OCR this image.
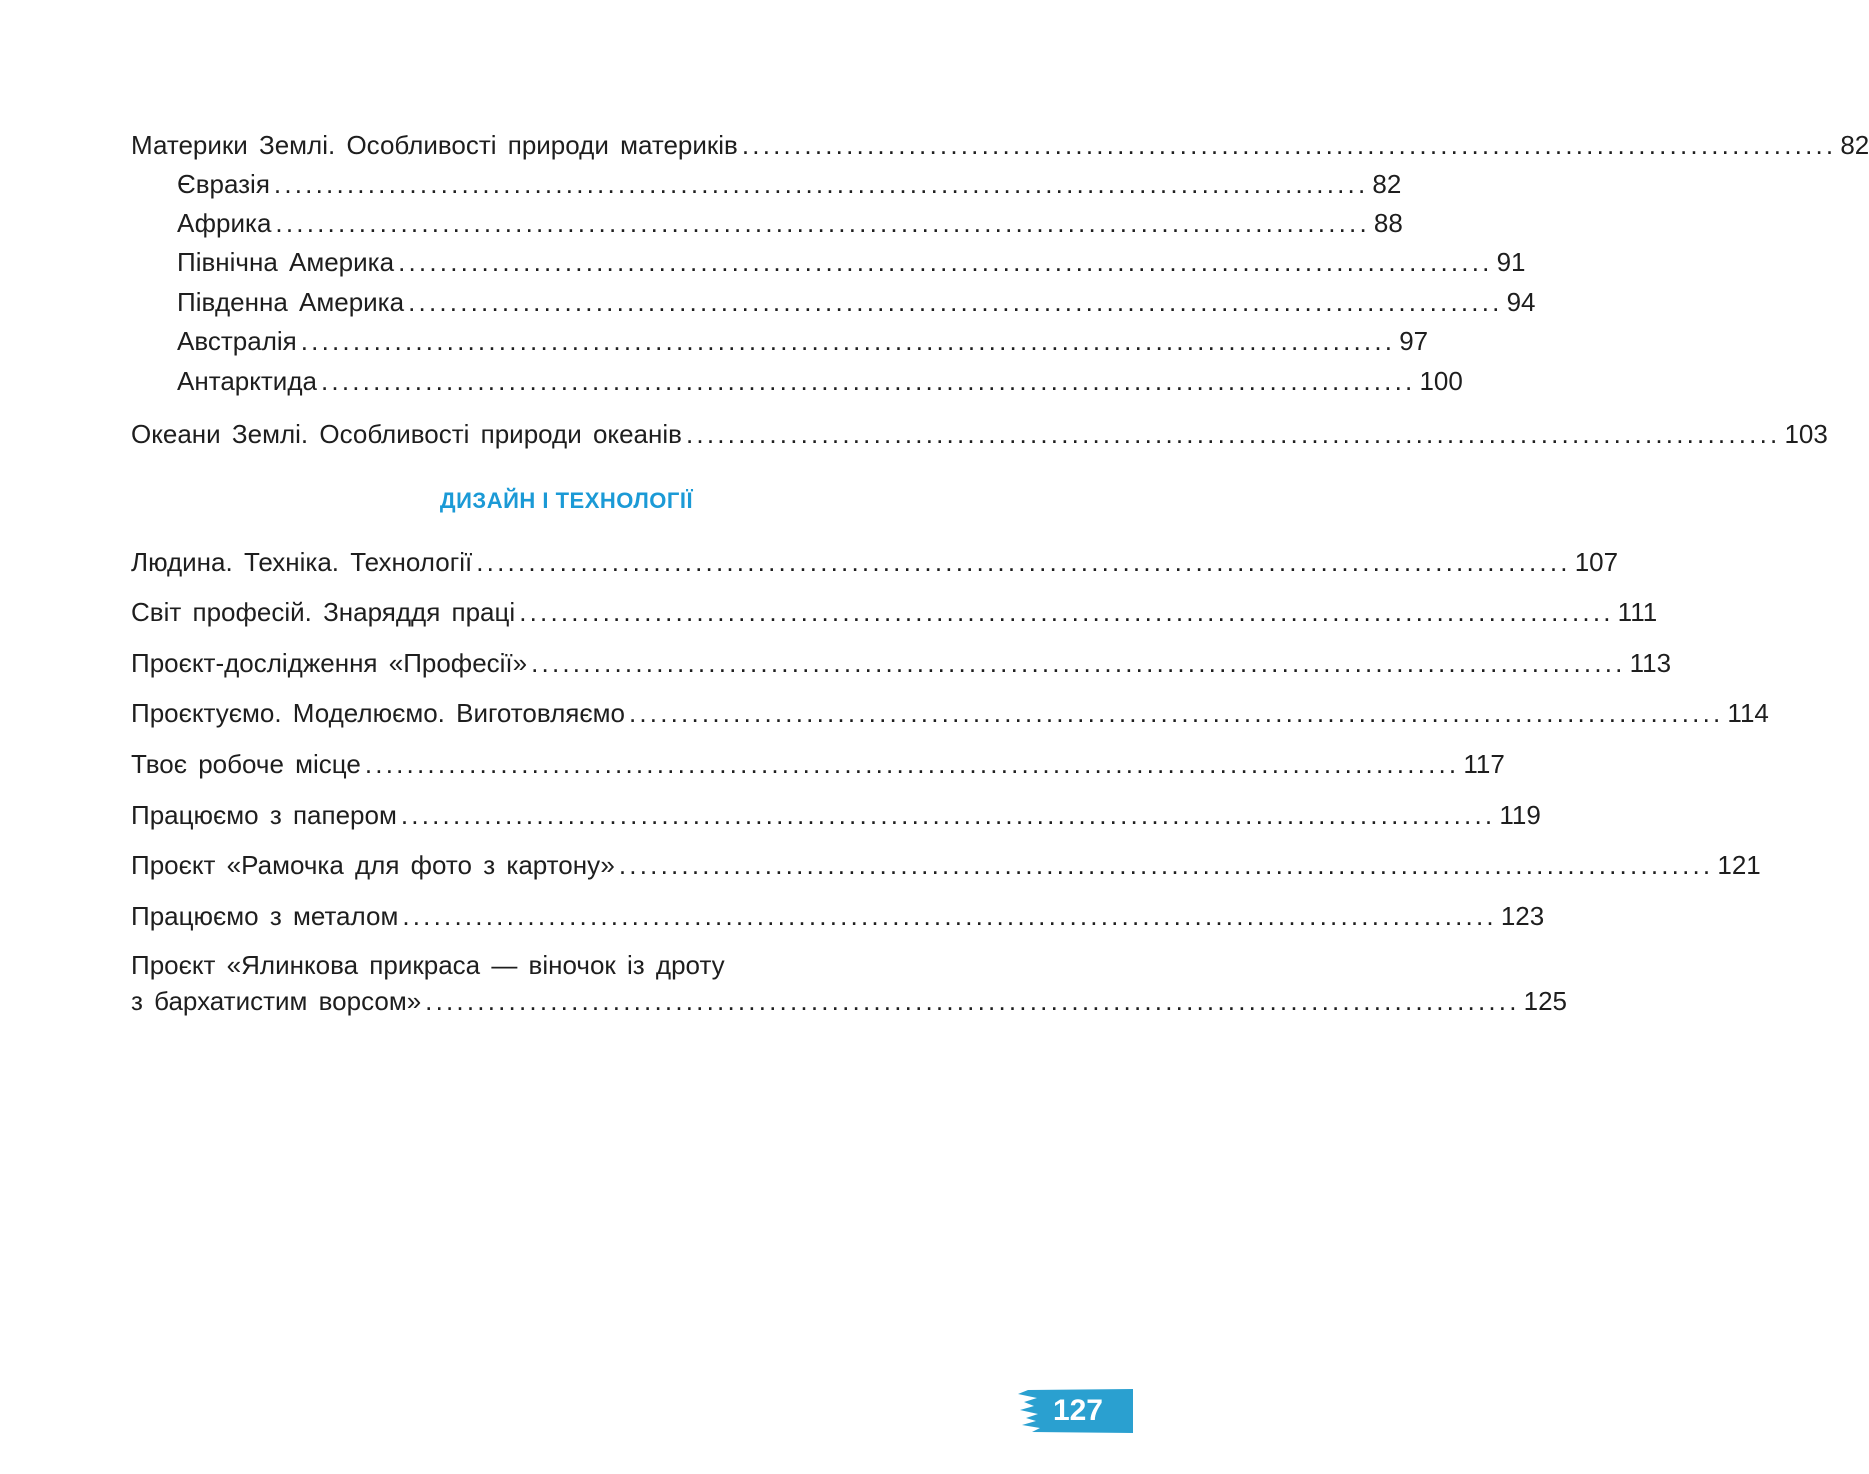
Материки Землі. Особливості природи материків ......................................................................................................... 82
Євразія ......................................................................................................... 82
Африка ......................................................................................................... 88
Північна Америка ......................................................................................................... 91
Південна Америка ......................................................................................................... 94
Австралія ......................................................................................................... 97
Антарктида ......................................................................................................... 100
Океани Землі. Особливості природи океанів ......................................................................................................... 103
Людина. Техніка. Технології ......................................................................................................... 107
Світ професій. Знаряддя праці ......................................................................................................... 111
Проєкт-дослідження «Професії» ......................................................................................................... 113
Проєктуємо. Моделюємо. Виготовляємо ......................................................................................................... 114
Твоє робоче місце ......................................................................................................... 117
Працюємо з папером ......................................................................................................... 119
Проєкт «Рамочка для фото з картону» ......................................................................................................... 121
Працюємо з металом ......................................................................................................... 123
Проєкт «Ялинкова прикраса — віночок із дроту
з бархатистим ворсом» ......................................................................................................... 125
ДИЗАЙН І ТЕХНОЛОГІЇ
127
